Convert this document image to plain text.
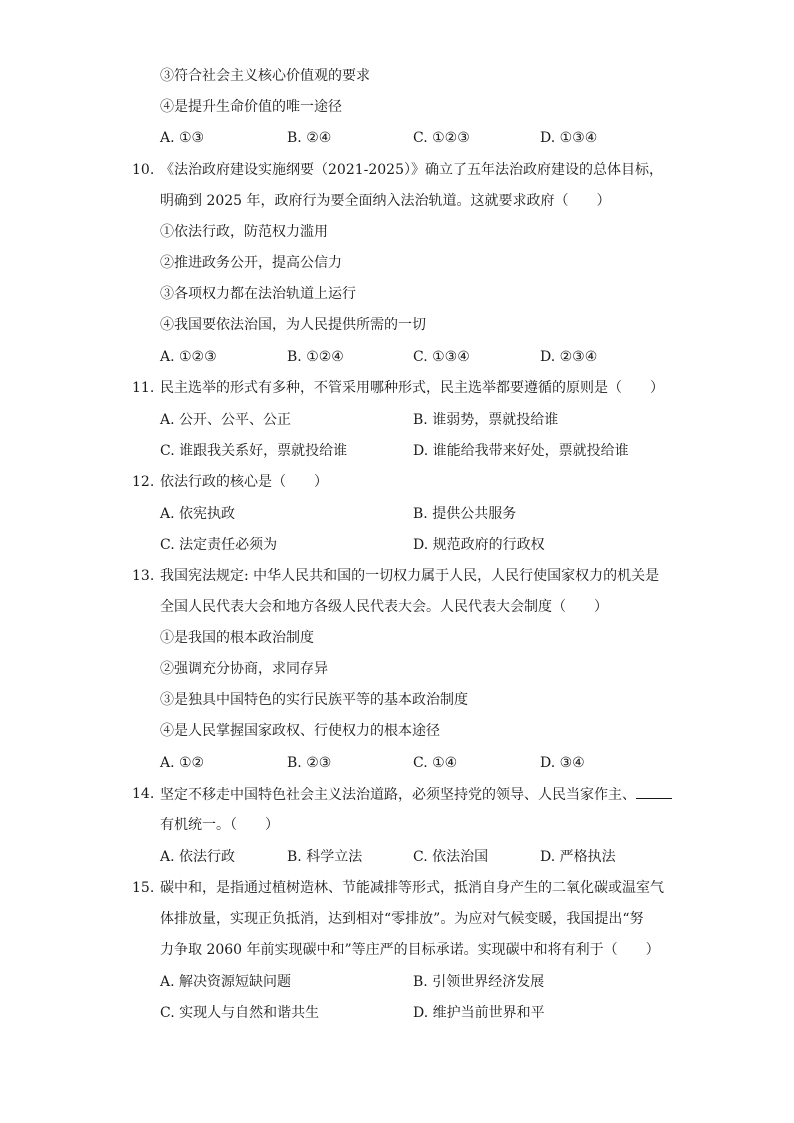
③符合社会主义核心价值观的要求
④是提升生命价值的唯一途径
A. ①③	B. ②④	C. ①②③	D. ①③④
10. 《法治政府建设实施纲要（2021-2025）》确立了五年法治政府建设的总体目标，
明确到 2025 年，政府行为要全面纳入法治轨道。这就要求政府（　　）
①依法行政，防范权力滥用
②推进政务公开，提高公信力
③各项权力都在法治轨道上运行
④我国要依法治国，为人民提供所需的一切
A. ①②③	B. ①②④	C. ①③④	D. ②③④
11. 民主选举的形式有多种，不管采用哪种形式，民主选举都要遵循的原则是（　　）
A. 公开、公平、公正	B. 谁弱势，票就投给谁
C. 谁跟我关系好，票就投给谁	D. 谁能给我带来好处，票就投给谁
12. 依法行政的核心是（　　）
A. 依宪执政	B. 提供公共服务
C. 法定责任必须为	D. 规范政府的行政权
13. 我国宪法规定: 中华人民共和国的一切权力属于人民，人民行使国家权力的机关是
全国人民代表大会和地方各级人民代表大会。人民代表大会制度（　　）
①是我国的根本政治制度
②强调充分协商，求同存异
③是独具中国特色的实行民族平等的基本政治制度
④是人民掌握国家政权、行使权力的根本途径
A. ①②	B. ②③	C. ①④	D. ③④
14. 坚定不移走中国特色社会主义法治道路，必须坚持党的领导、人民当家作主、
有机统一。（　　）
A. 依法行政	B. 科学立法	C. 依法治国	D. 严格执法
15. 碳中和，是指通过植树造林、节能减排等形式，抵消自身产生的二氧化碳或温室气
体排放量，实现正负抵消，达到相对“零排放”。为应对气候变暖，我国提出“努
力争取 2060 年前实现碳中和”等庄严的目标承诺。实现碳中和将有利于（　　）
A. 解决资源短缺问题	B. 引领世界经济发展
C. 实现人与自然和谐共生	D. 维护当前世界和平
